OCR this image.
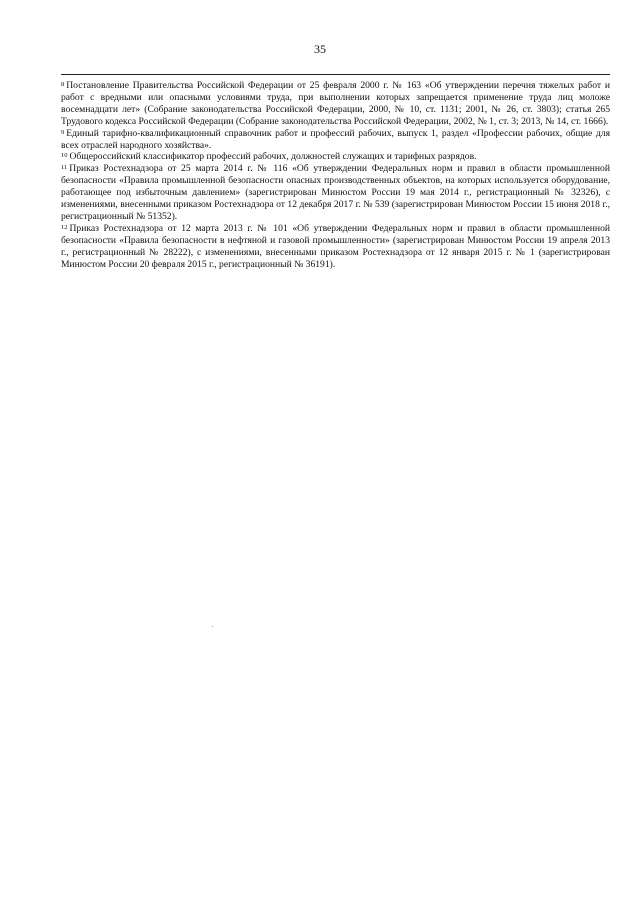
35

$^8$ Постановление Правительства Российской Федерации от 25 февраля 2000 г. № 163 «Об утверждении перечня тяжелых работ и работ с вредными или опасными условиями труда, при выполнении которых запрещается применение труда лиц моложе восемнадцати лет» (Собрание законодательства Российской Федерации, 2000, № 10, ст. 1131; 2001, № 26, ст. 3803); статья 265 Трудового кодекса Российской Федерации (Собрание законодательства Российской Федерации, 2002, № 1, ст. 3; 2013, № 14, ст. 1666).

$^9$ Единый тарифно-квалификационный справочник работ и профессий рабочих, выпуск 1, раздел «Профессии рабочих, общие для всех отраслей народного хозяйства».

$^{10}$ Общероссийский классификатор профессий рабочих, должностей служащих и тарифных разрядов.

$^{11}$ Приказ Ростехнадзора от 25 марта 2014 г. № 116 «Об утверждении Федеральных норм и правил в области промышленной безопасности «Правила промышленной безопасности опасных производственных объектов, на которых используется оборудование, работающее под избыточным давлением» (зарегистрирован Минюстом России 19 мая 2014 г., регистрационный № 32326), с изменениями, внесенными приказом Ростехнадзора от 12 декабря 2017 г. № 539 (зарегистрирован Минюстом России 15 июня 2018 г., регистрационный № 51352).

$^{12}$ Приказ Ростехнадзора от 12 марта 2013 г. № 101 «Об утверждении Федеральных норм и правил в области промышленной безопасности «Правила безопасности в нефтяной и газовой промышленности» (зарегистрирован Минюстом России 19 апреля 2013 г., регистрационный № 28222), с изменениями, внесенными приказом Ростехнадзора от 12 января 2015 г. № 1 (зарегистрирован Минюстом России 20 февраля 2015 г., регистрационный № 36191).
